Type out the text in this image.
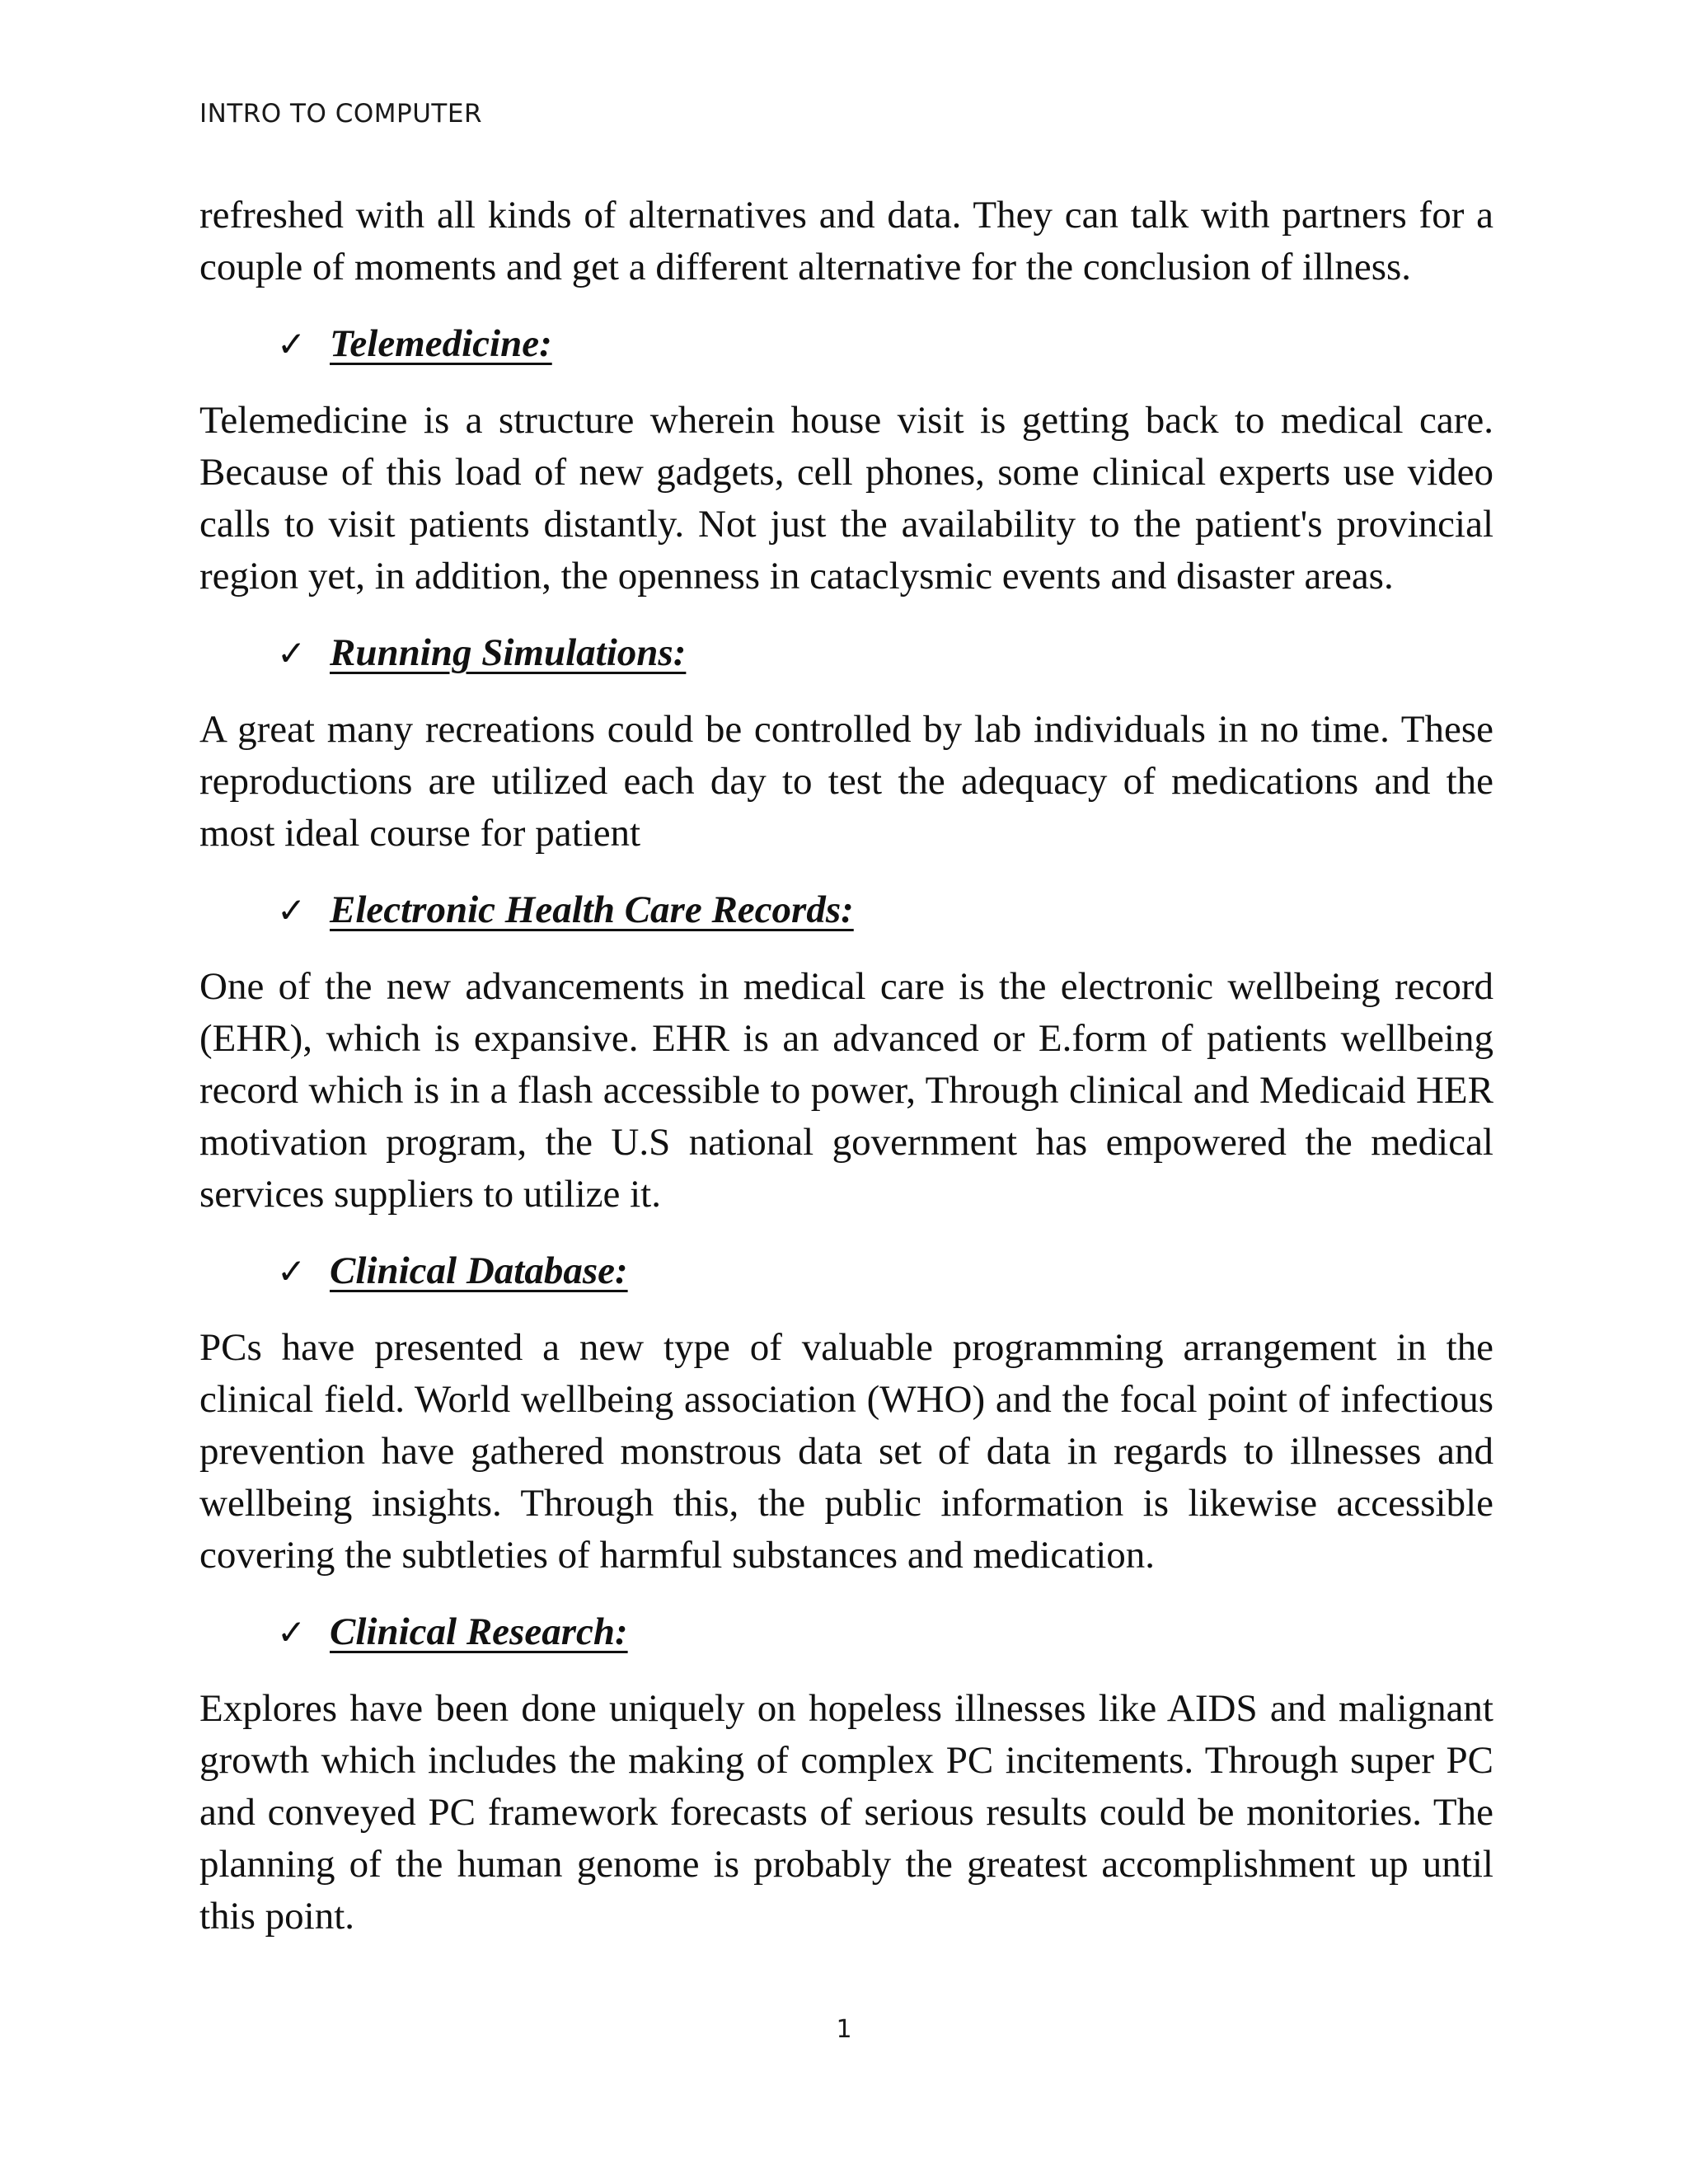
INTRO TO COMPUTER

refreshed with all kinds of alternatives and data. They can talk with partners for a couple of moments and get a different alternative for the conclusion of illness.

✓ Telemedicine:

Telemedicine is a structure wherein house visit is getting back to medical care. Because of this load of new gadgets, cell phones, some clinical experts use video calls to visit patients distantly. Not just the availability to the patient's provincial region yet, in addition, the openness in cataclysmic events and disaster areas.

✓ Running Simulations:

A great many recreations could be controlled by lab individuals in no time. These reproductions are utilized each day to test the adequacy of medications and the most ideal course for patient

✓ Electronic Health Care Records:

One of the new advancements in medical care is the electronic wellbeing record (EHR), which is expansive. EHR is an advanced or E.form of patients wellbeing record which is in a flash accessible to power, Through clinical and Medicaid HER motivation program, the U.S national government has empowered the medical services suppliers to utilize it.

✓ Clinical Database:

PCs have presented a new type of valuable programming arrangement in the clinical field. World wellbeing association (WHO) and the focal point of infectious prevention have gathered monstrous data set of data in regards to illnesses and wellbeing insights. Through this, the public information is likewise accessible covering the subtleties of harmful substances and medication.

✓ Clinical Research:

Explores have been done uniquely on hopeless illnesses like AIDS and malignant growth which includes the making of complex PC incitements. Through super PC and conveyed PC framework forecasts of serious results could be monitories. The planning of the human genome is probably the greatest accomplishment up until this point.

1
